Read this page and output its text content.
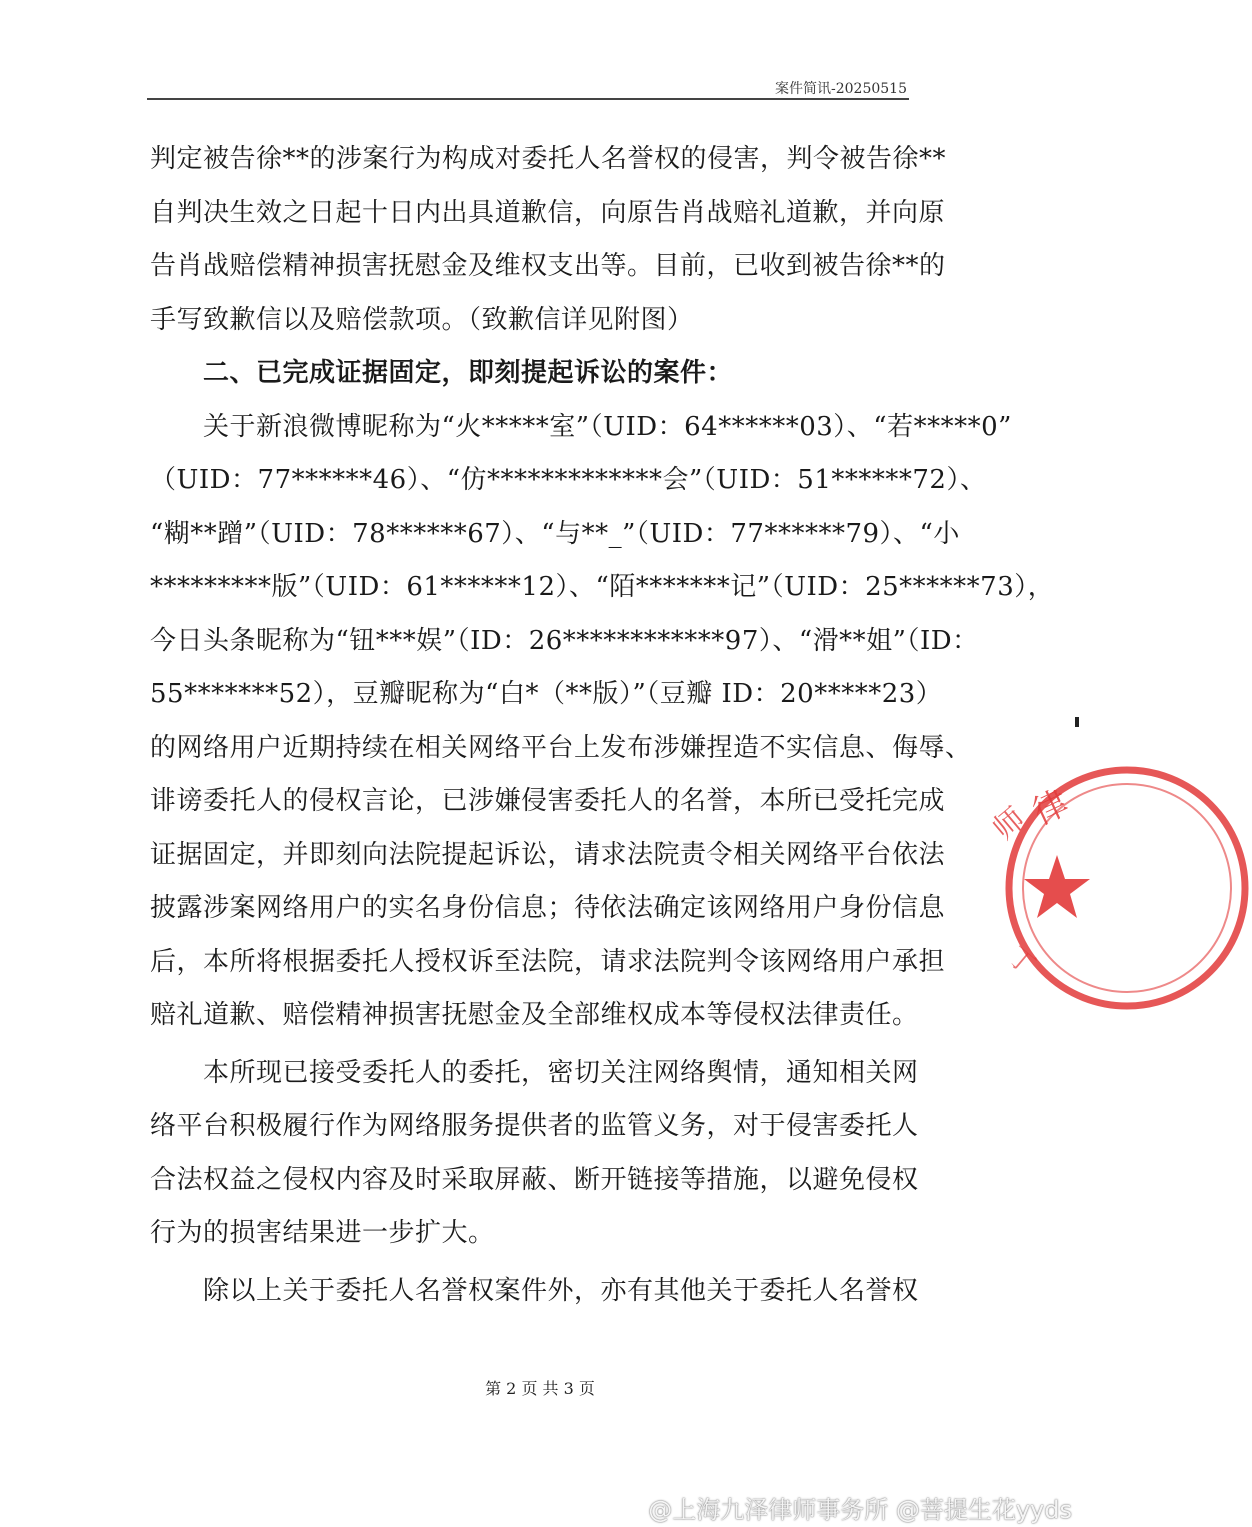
案件简讯-20250515
判定被告徐**的涉案行为构成对委托人名誉权的侵害，判令被告徐**
自判决生效之日起十日内出具道歉信，向原告肖战赔礼道歉，并向原
告肖战赔偿精神损害抚慰金及维权支出等。目前，已收到被告徐**的
手写致歉信以及赔偿款项。（致歉信详见附图）
　　二、已完成证据固定，即刻提起诉讼的案件：
　　关于新浪微博昵称为“火*****室”（UID：64******03）、“若*****0”
（UID：77******46）、“仿*************会”（UID：51******72）、
“糊**蹭”（UID：78******67）、“与**_”（UID：77******79）、“小
*********版”（UID：61******12）、“陌*******记”（UID：25******73），
今日头条昵称为“钮***娱”（ID：26************97）、“滑**姐”（ID：
55*******52），豆瓣昵称为“白*（**版）”（豆瓣 ID：20*****23）
的网络用户近期持续在相关网络平台上发布涉嫌捏造不实信息、侮辱、
诽谤委托人的侵权言论，已涉嫌侵害委托人的名誉，本所已受托完成
证据固定，并即刻向法院提起诉讼，请求法院责令相关网络平台依法
披露涉案网络用户的实名身份信息；待依法确定该网络用户身份信息
后，本所将根据委托人授权诉至法院，请求法院判令该网络用户承担
赔礼道歉、赔偿精神损害抚慰金及全部维权成本等侵权法律责任。
　　本所现已接受委托人的委托，密切关注网络舆情，通知相关网
络平台积极履行作为网络服务提供者的监管义务，对于侵害委托人
合法权益之侵权内容及时采取屏蔽、断开链接等措施，以避免侵权
行为的损害结果进一步扩大。
　　除以上关于委托人名誉权案件外，亦有其他关于委托人名誉权
第 2 页 共 3 页
律
师
丁
@上海九泽律师事务所 @菩提生花yyds
